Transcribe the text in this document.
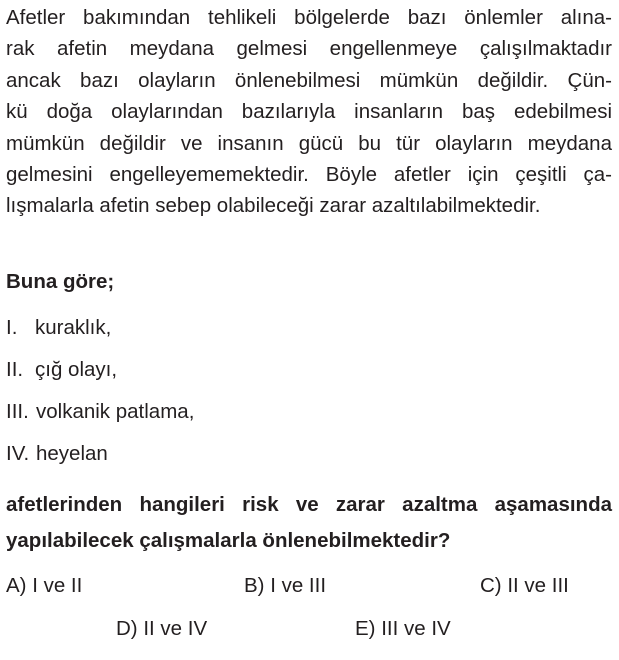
Afetler bakımından tehlikeli bölgelerde bazı önlemler alına-
rak afetin meydana gelmesi engellenmeye çalışılmaktadır
ancak bazı olayların önlenebilmesi mümkün değildir. Çün-
kü doğa olaylarından bazılarıyla insanların baş edebilmesi
mümkün değildir ve insanın gücü bu tür olayların meydana
gelmesini engelleyememektedir. Böyle afetler için çeşitli ça-
lışmalarla afetin sebep olabileceği zarar azaltılabilmektedir.
Buna göre;
I. kuraklık,
II. çığ olayı,
III. volkanik patlama,
IV. heyelan
afetlerinden hangileri risk ve zarar azaltma aşamasında
yapılabilecek çalışmalarla önlenebilmektedir?
A) I ve II	B) I ve III	C) II ve III
D) II ve IV	E) III ve IV
